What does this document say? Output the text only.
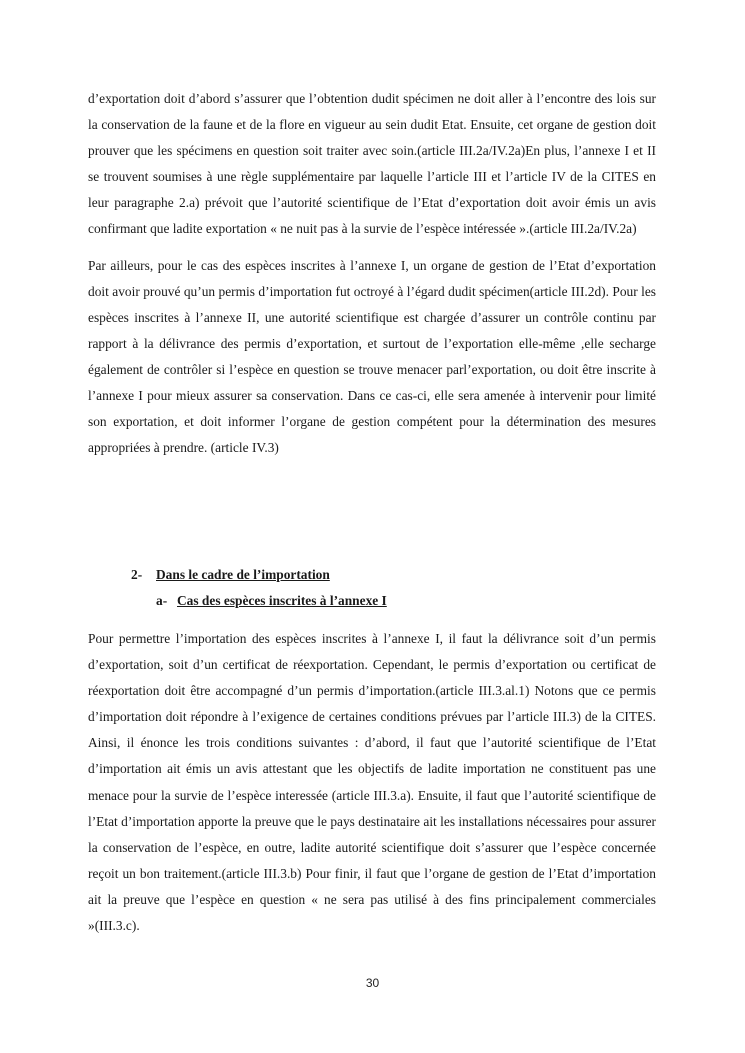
d’exportation doit d’abord s’assurer que l’obtention dudit spécimen ne doit aller à l’encontre des lois sur la conservation de la faune et de la flore en vigueur au sein dudit Etat. Ensuite, cet organe de gestion doit prouver que les spécimens en question soit traiter avec soin.(article III.2a/IV.2a)En plus, l’annexe I et II se trouvent soumises à une règle supplémentaire par laquelle l’article III et l’article IV de la CITES en leur paragraphe 2.a) prévoit que l’autorité scientifique de l’Etat d’exportation doit avoir émis un avis confirmant que ladite exportation « ne nuit pas à la survie de l’espèce intéressée ».(article III.2a/IV.2a)

Par ailleurs, pour le cas des espèces inscrites à l’annexe I, un organe de gestion de l’Etat d’exportation doit avoir prouvé qu’un permis d’importation fut octroyé à l’égard dudit spécimen(article III.2d). Pour les espèces inscrites à l’annexe II, une autorité scientifique est chargée d’assurer un contrôle continu par rapport à la délivrance des permis d’exportation, et surtout de l’exportation elle-même ,elle secharge également de contrôler si l’espèce en question se trouve menacer parl’exportation, ou doit être inscrite à l’annexe I pour mieux assurer sa conservation. Dans ce cas-ci, elle sera amenée à intervenir pour limité son exportation, et doit informer l’organe de gestion compétent pour la détermination des mesures appropriées à prendre. (article IV.3)

2- Dans le cadre de l’importation
a- Cas des espèces inscrites à l’annexe I

Pour permettre l’importation des espèces inscrites à l’annexe I, il faut la délivrance soit d’un permis d’exportation, soit d’un certificat de réexportation. Cependant, le permis d’exportation ou certificat de réexportation doit être accompagné d’un permis d’importation.(article III.3.al.1) Notons que ce permis d’importation doit répondre à l’exigence de certaines conditions prévues par l’article III.3) de la CITES. Ainsi, il énonce les trois conditions suivantes : d’abord, il faut que l’autorité scientifique de l’Etat d’importation ait émis un avis attestant que les objectifs de ladite importation ne constituent pas une menace pour la survie de l’espèce interessée (article III.3.a). Ensuite, il faut que l’autorité scientifique de l’Etat d’importation apporte la preuve que le pays destinataire ait les installations nécessaires pour assurer la conservation de l’espèce, en outre, ladite autorité scientifique doit s’assurer que l’espèce concernée reçoit un bon traitement.(article III.3.b) Pour finir, il faut que l’organe de gestion de l’Etat d’importation ait la preuve que l’espèce en question « ne sera pas utilisé à des fins principalement commerciales »(III.3.c).

30
